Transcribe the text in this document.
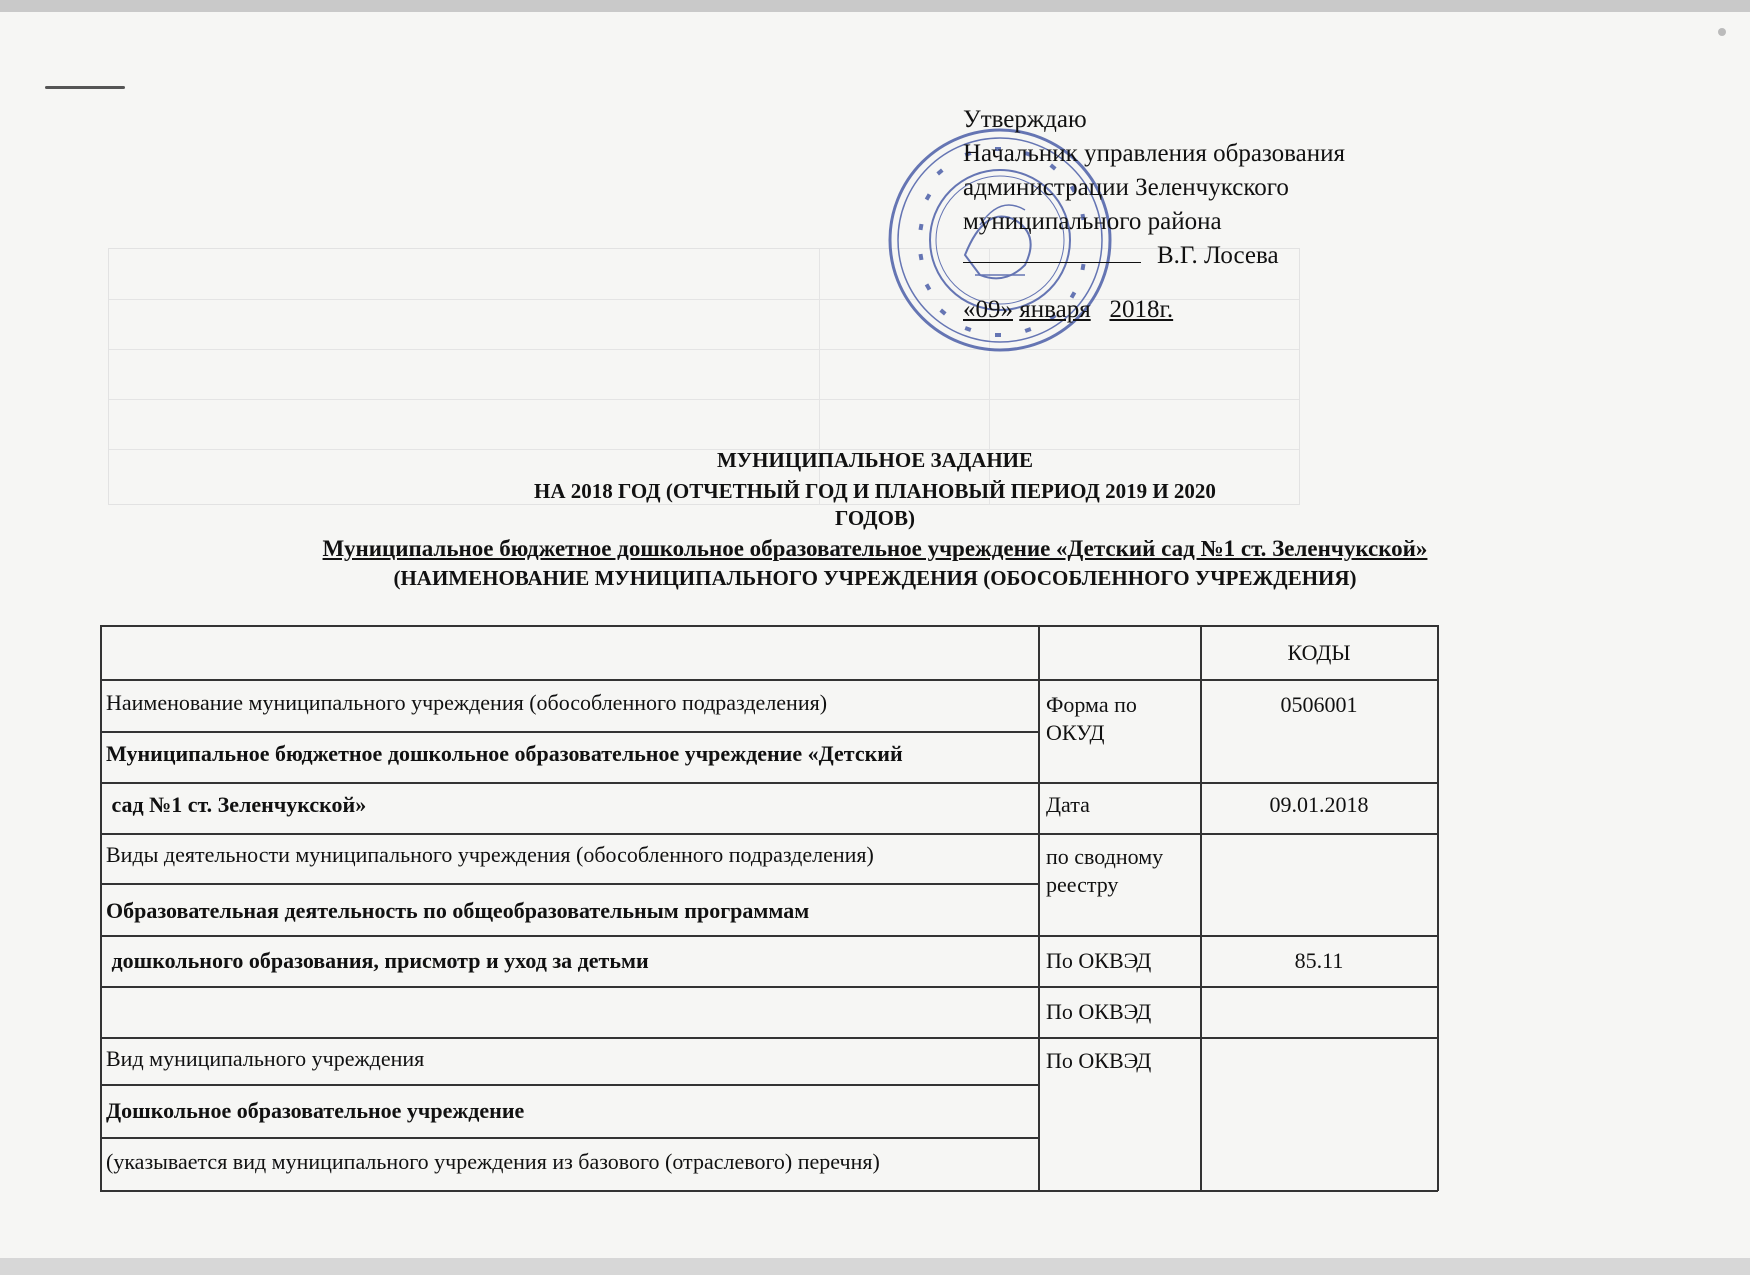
Утверждаю
Начальник управления образования
администрации Зеленчукского
муниципального района
В.Г. Лосева
«09» января 2018г.
МУНИЦИПАЛЬНОЕ ЗАДАНИЕ
НА 2018 ГОД (ОТЧЕТНЫЙ ГОД И ПЛАНОВЫЙ ПЕРИОД 2019 И 2020
ГОДОВ)
Муниципальное бюджетное дошкольное образовательное учреждение «Детский сад №1 ст. Зеленчукской»
(НАИМЕНОВАНИЕ МУНИЦИПАЛЬНОГО УЧРЕЖДЕНИЯ (ОБОСОБЛЕННОГО УЧРЕЖДЕНИЯ)
КОДЫ
Наименование муниципального учреждения (обособленного подразделения)
Муниципальное бюджетное дошкольное образовательное учреждение «Детский
сад №1 ст. Зеленчукской»
Форма по ОКУД
0506001
Дата	09.01.2018
Виды деятельности муниципального учреждения (обособленного подразделения)
Образовательная деятельность по общеобразовательным программам
дошкольного образования, присмотр и уход за детьми
по сводному реестру
По ОКВЭД	85.11
По ОКВЭД
Вид муниципального учреждения
Дошкольное образовательное учреждение
(указывается вид муниципального учреждения из базового (отраслевого) перечня)
По ОКВЭД
